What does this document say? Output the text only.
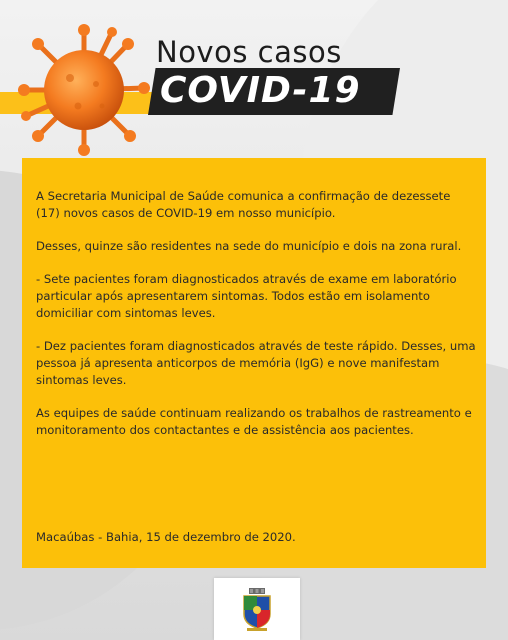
Novos casos
COVID-19

A Secretaria Municipal de Saúde comunica a confirmação de dezessete (17) novos casos de COVID-19 em nosso município.

Desses, quinze são residentes na sede do município e dois na zona rural.

- Sete pacientes foram diagnosticados através de exame em laboratório particular após apresentarem sintomas. Todos estão em isolamento domiciliar com sintomas leves.

- Dez pacientes foram diagnosticados através de teste rápido. Desses, uma pessoa já apresenta anticorpos de memória (IgG) e nove manifestam sintomas leves.

As equipes de saúde continuam realizando os trabalhos de rastreamento e monitoramento dos contactantes e de assistência aos pacientes.

Macaúbas - Bahia, 15 de dezembro de 2020.
